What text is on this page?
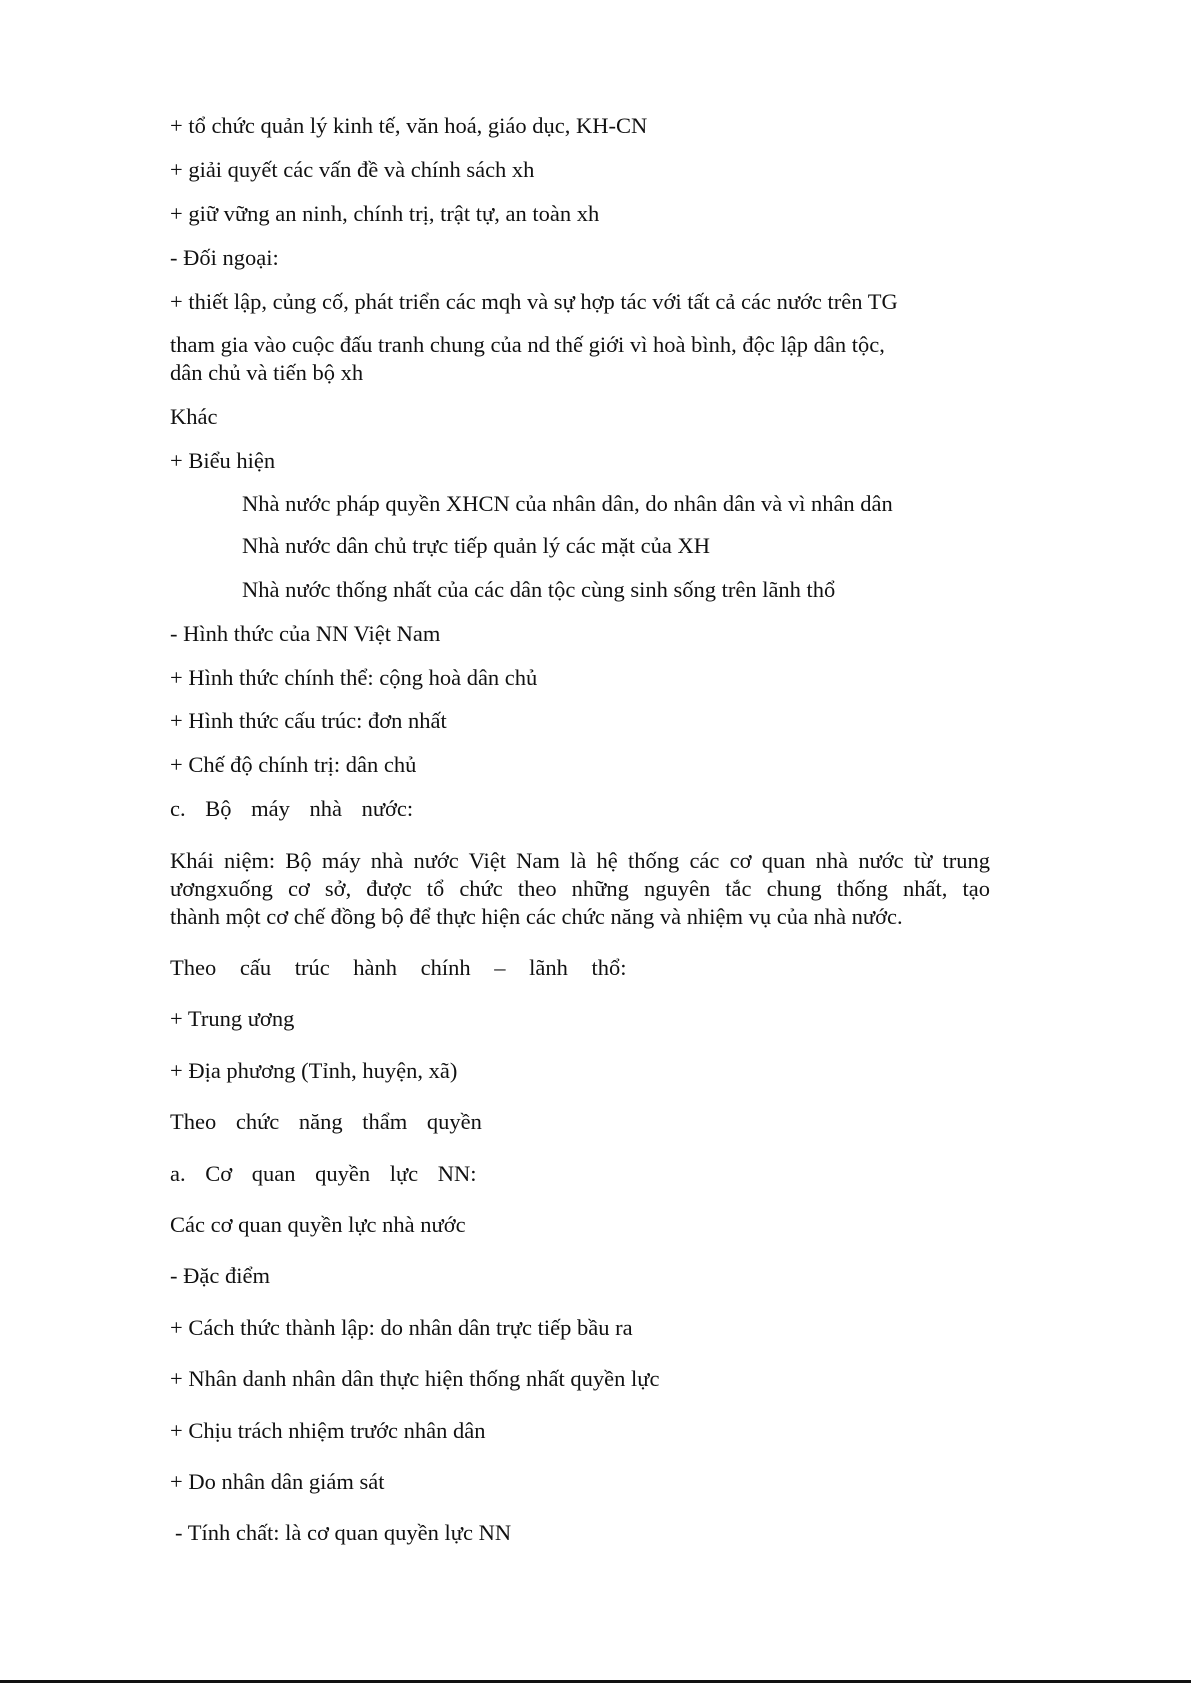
+ tổ chức quản lý kinh tế, văn hoá, giáo dục, KH-CN
+ giải quyết các vấn đề và chính sách xh
+ giữ vững an ninh, chính trị, trật tự, an toàn xh
- Đối ngoại:
+ thiết lập, củng cố, phát triển các mqh và sự hợp tác với tất cả các nước trên TG
tham gia vào cuộc đấu tranh chung của nd thế giới vì hoà bình, độc lập dân tộc,
dân chủ và tiến bộ xh
Khác
+ Biểu hiện
Nhà nước pháp quyền XHCN của nhân dân, do nhân dân và vì nhân dân
Nhà nước dân chủ trực tiếp quản lý các mặt của XH
Nhà nước thống nhất của các dân tộc cùng sinh sống trên lãnh thổ
- Hình thức của NN Việt Nam
+ Hình thức chính thể: cộng hoà dân chủ
+ Hình thức cấu trúc: đơn nhất
+ Chế độ chính trị: dân chủ
c. Bộ máy nhà nước:
Khái niệm: Bộ máy nhà nước Việt Nam là hệ thống các cơ quan nhà nước từ trung
ươngxuống cơ sở, được tổ chức theo những nguyên tắc chung thống nhất, tạo
thành một cơ chế đồng bộ để thực hiện các chức năng và nhiệm vụ của nhà nước.
Theo cấu trúc hành chính – lãnh thổ:
+ Trung ương
+ Địa phương (Tỉnh, huyện, xã)
Theo chức năng thẩm quyền
a. Cơ quan quyền lực NN:
Các cơ quan quyền lực nhà nước
- Đặc điểm
+ Cách thức thành lập: do nhân dân trực tiếp bầu ra
+ Nhân danh nhân dân thực hiện thống nhất quyền lực
+ Chịu trách nhiệm trước nhân dân
+ Do nhân dân giám sát
- Tính chất: là cơ quan quyền lực NN
